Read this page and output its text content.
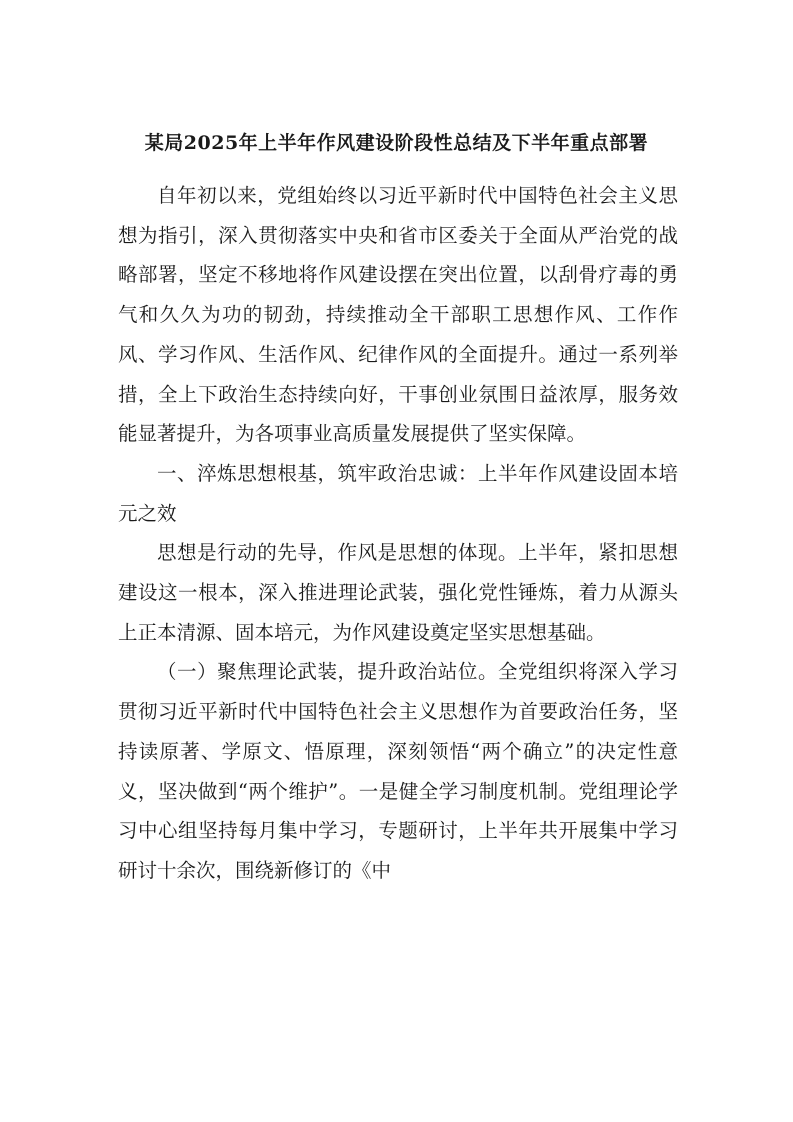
某局2025年上半年作风建设阶段性总结及下半年重点部署

自年初以来，党组始终以习近平新时代中国特色社会主义思想为指引，深入贯彻落实中央和省市区委关于全面从严治党的战略部署，坚定不移地将作风建设摆在突出位置，以刮骨疗毒的勇气和久久为功的韧劲，持续推动全干部职工思想作风、工作作风、学习作风、生活作风、纪律作风的全面提升。通过一系列举措，全上下政治生态持续向好，干事创业氛围日益浓厚，服务效能显著提升，为各项事业高质量发展提供了坚实保障。

一、淬炼思想根基，筑牢政治忠诚：上半年作风建设固本培元之效

思想是行动的先导，作风是思想的体现。上半年，紧扣思想建设这一根本，深入推进理论武装，强化党性锤炼，着力从源头上正本清源、固本培元，为作风建设奠定坚实思想基础。

（一）聚焦理论武装，提升政治站位。全党组织将深入学习贯彻习近平新时代中国特色社会主义思想作为首要政治任务，坚持读原著、学原文、悟原理，深刻领悟“两个确立”的决定性意义，坚决做到“两个维护”。一是健全学习制度机制。党组理论学习中心组坚持每月集中学习，专题研讨，上半年共开展集中学习研讨十余次，围绕新修订的《中
